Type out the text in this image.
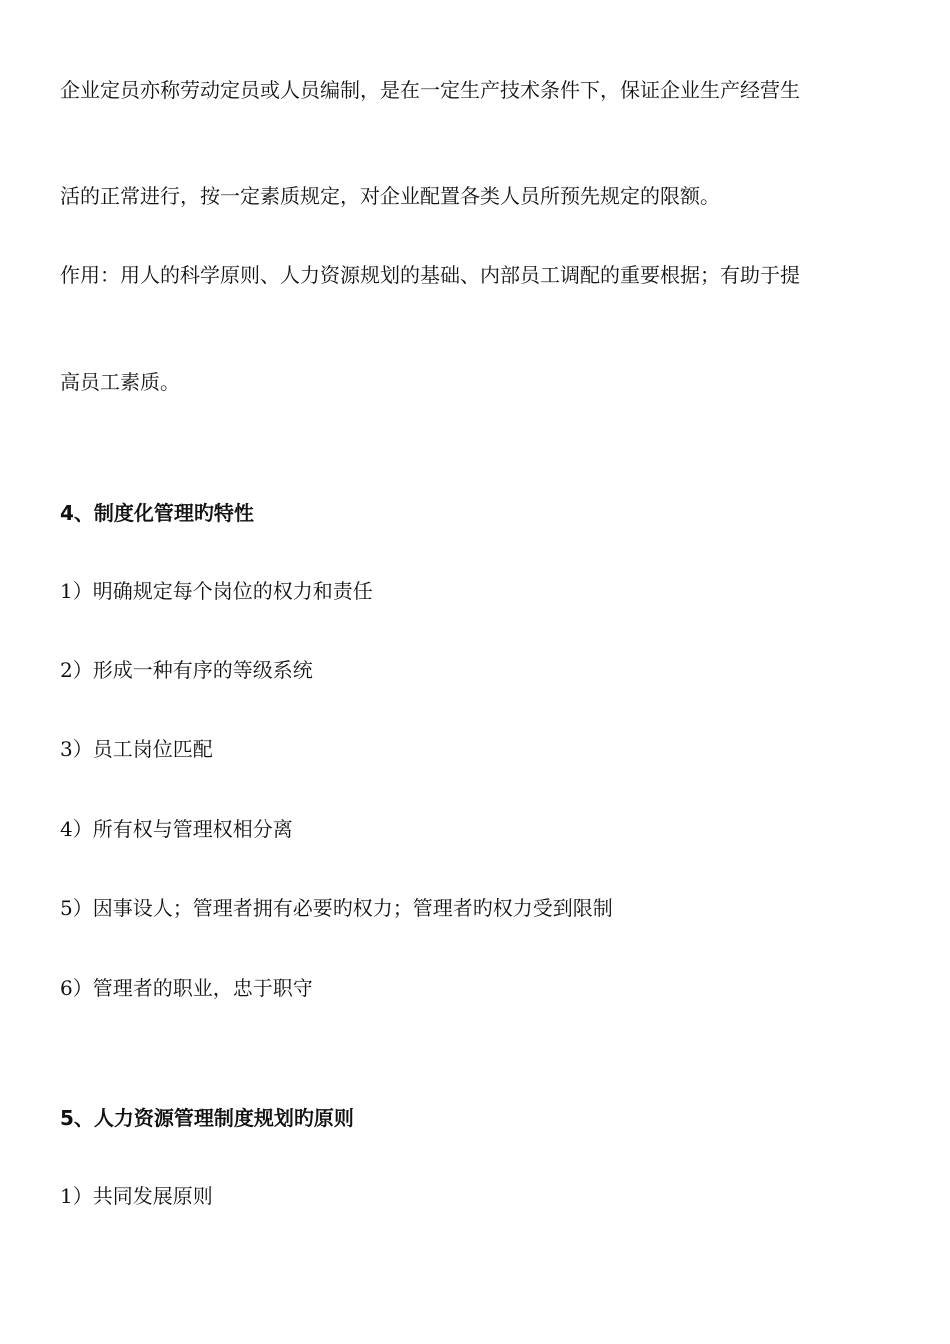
企业定员亦称劳动定员或人员编制，是在一定生产技术条件下，保证企业生产经营生

活的正常进行，按一定素质规定，对企业配置各类人员所预先规定的限额。

作用：用人的科学原则、人力资源规划的基础、内部员工调配的重要根据；有助于提

高员工素质。

4、制度化管理旳特性

1）明确规定每个岗位的权力和责任

2）形成一种有序的等级系统

3）员工岗位匹配

4）所有权与管理权相分离

5）因事设人；管理者拥有必要旳权力；管理者旳权力受到限制

6）管理者的职业，忠于职守

5、人力资源管理制度规划旳原则

1）共同发展原则
